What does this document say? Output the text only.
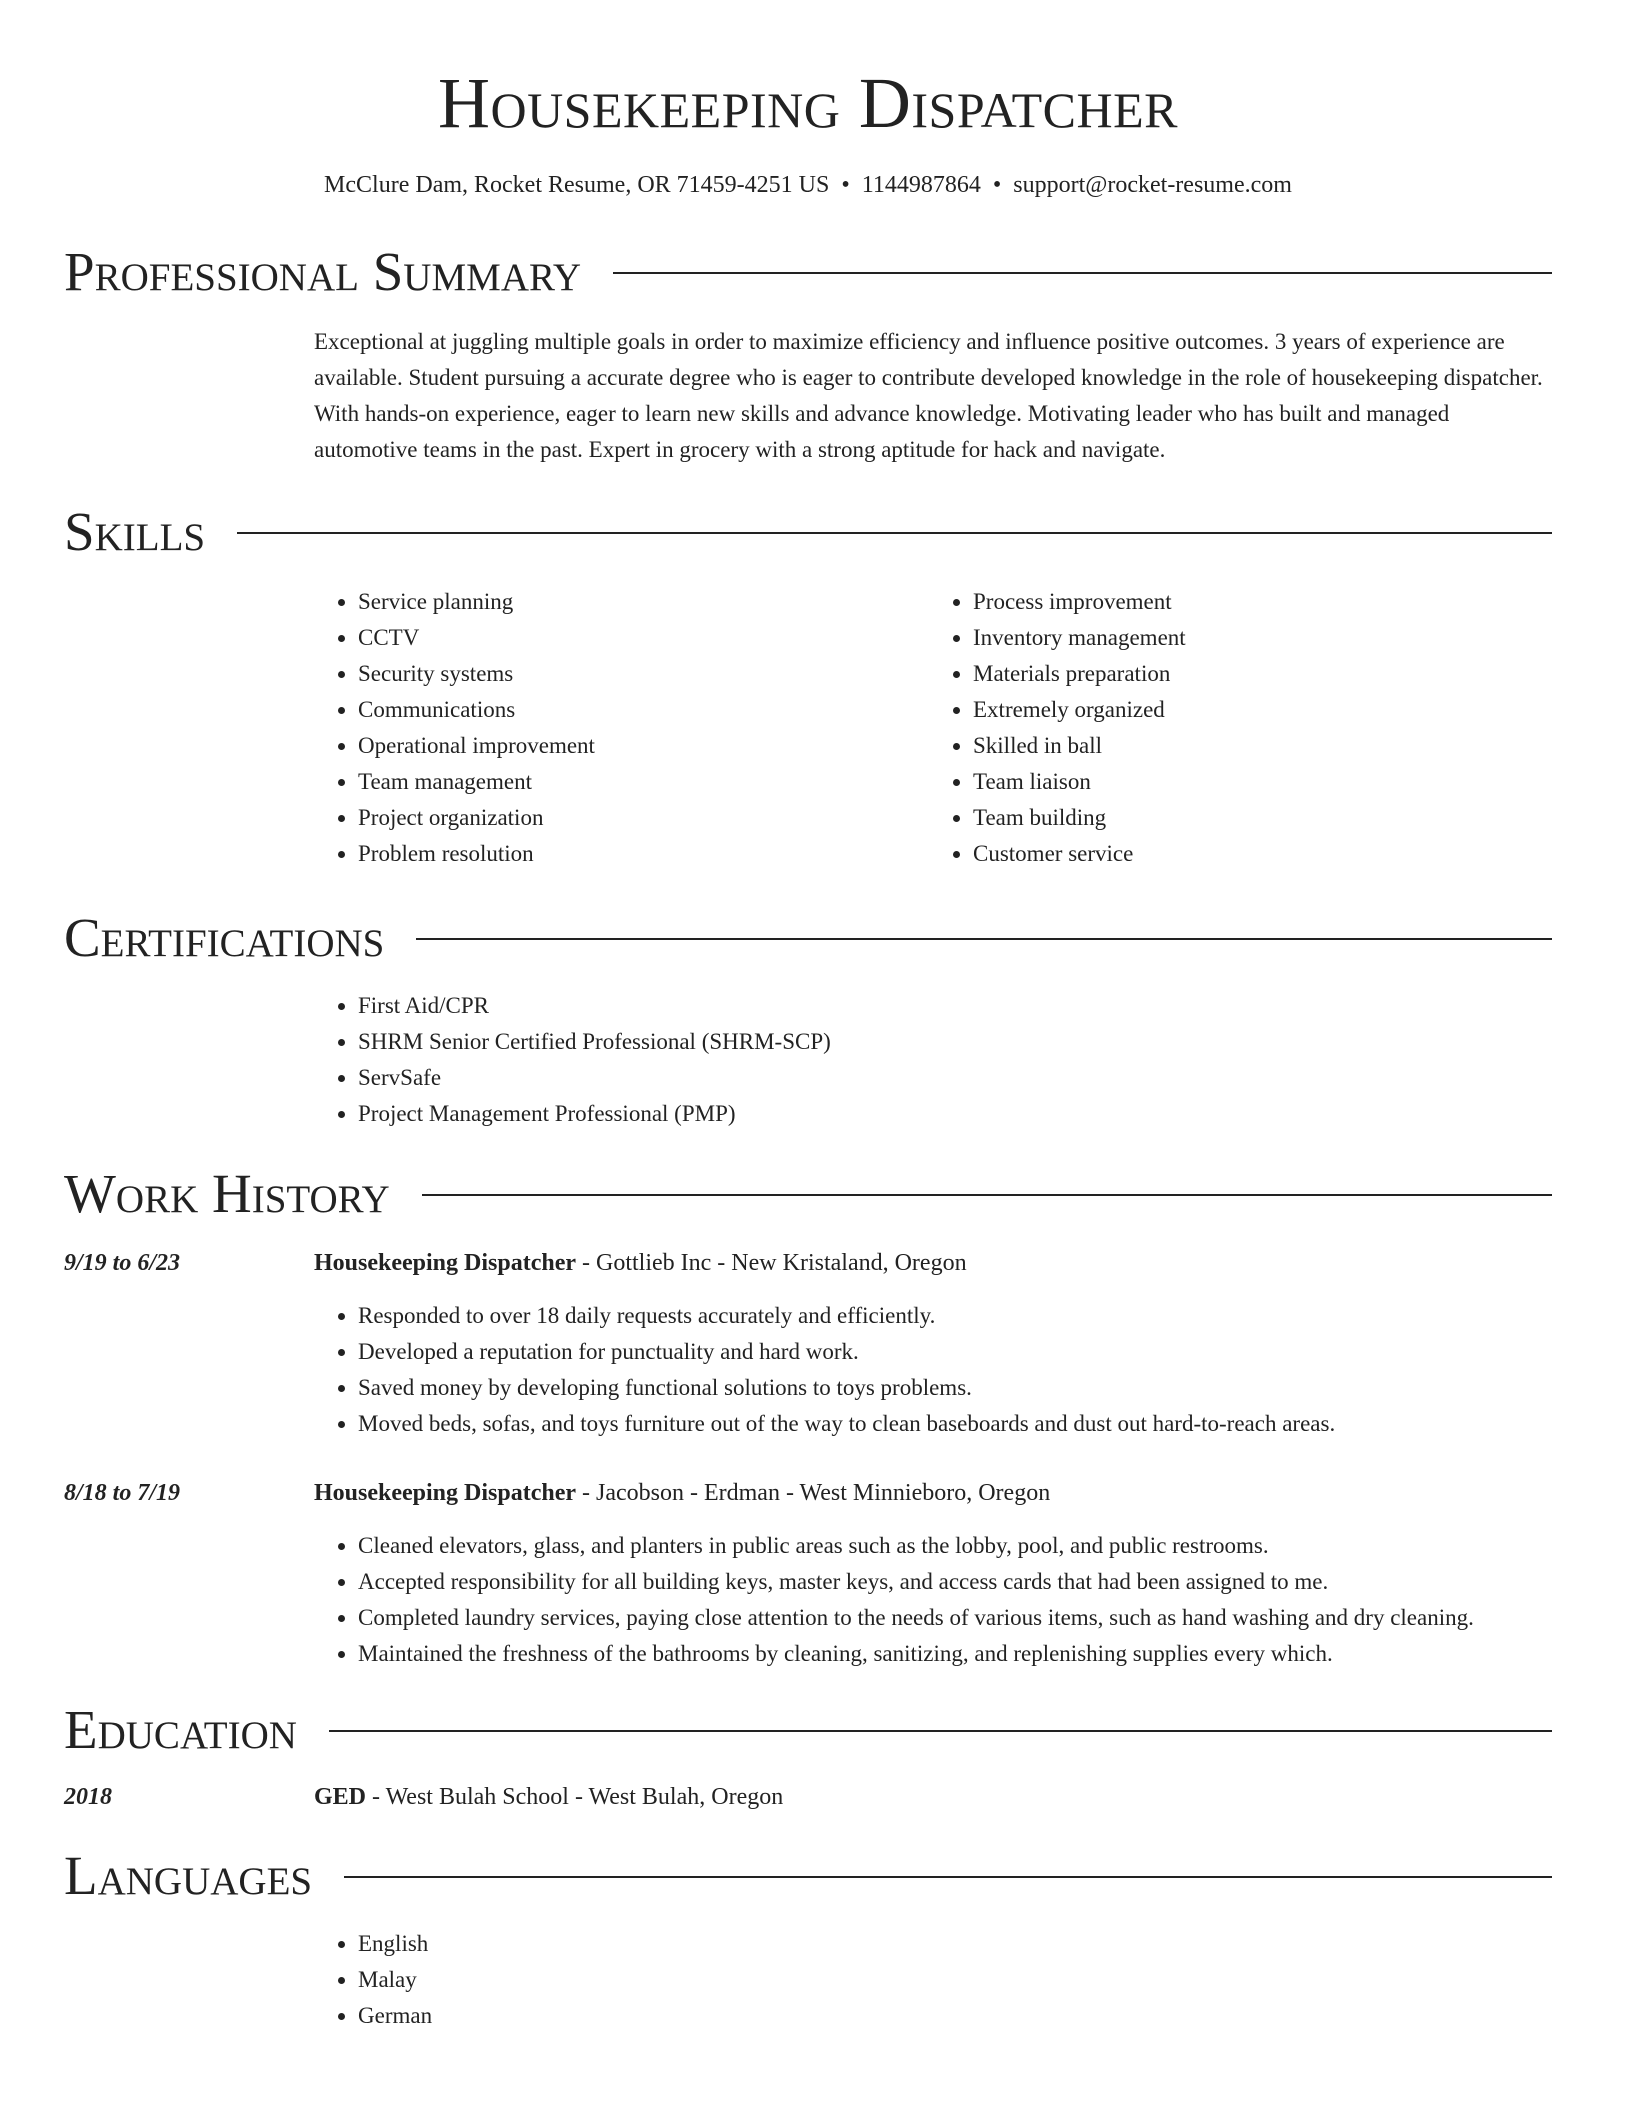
Housekeeping Dispatcher
McClure Dam, Rocket Resume, OR 71459-4251 US • 1144987864 • support@rocket-resume.com
Professional Summary
Exceptional at juggling multiple goals in order to maximize efficiency and influence positive outcomes. 3 years of experience are available. Student pursuing a accurate degree who is eager to contribute developed knowledge in the role of housekeeping dispatcher. With hands-on experience, eager to learn new skills and advance knowledge. Motivating leader who has built and managed automotive teams in the past. Expert in grocery with a strong aptitude for hack and navigate.
Skills
• Service planning
• CCTV
• Security systems
• Communications
• Operational improvement
• Team management
• Project organization
• Problem resolution
• Process improvement
• Inventory management
• Materials preparation
• Extremely organized
• Skilled in ball
• Team liaison
• Team building
• Customer service
Certifications
• First Aid/CPR
• SHRM Senior Certified Professional (SHRM-SCP)
• ServSafe
• Project Management Professional (PMP)
Work History
9/19 to 6/23	Housekeeping Dispatcher - Gottlieb Inc - New Kristaland, Oregon
• Responded to over 18 daily requests accurately and efficiently.
• Developed a reputation for punctuality and hard work.
• Saved money by developing functional solutions to toys problems.
• Moved beds, sofas, and toys furniture out of the way to clean baseboards and dust out hard-to-reach areas.
8/18 to 7/19	Housekeeping Dispatcher - Jacobson - Erdman - West Minnieboro, Oregon
• Cleaned elevators, glass, and planters in public areas such as the lobby, pool, and public restrooms.
• Accepted responsibility for all building keys, master keys, and access cards that had been assigned to me.
• Completed laundry services, paying close attention to the needs of various items, such as hand washing and dry cleaning.
• Maintained the freshness of the bathrooms by cleaning, sanitizing, and replenishing supplies every which.
Education
2018	GED - West Bulah School - West Bulah, Oregon
Languages
• English
• Malay
• German
